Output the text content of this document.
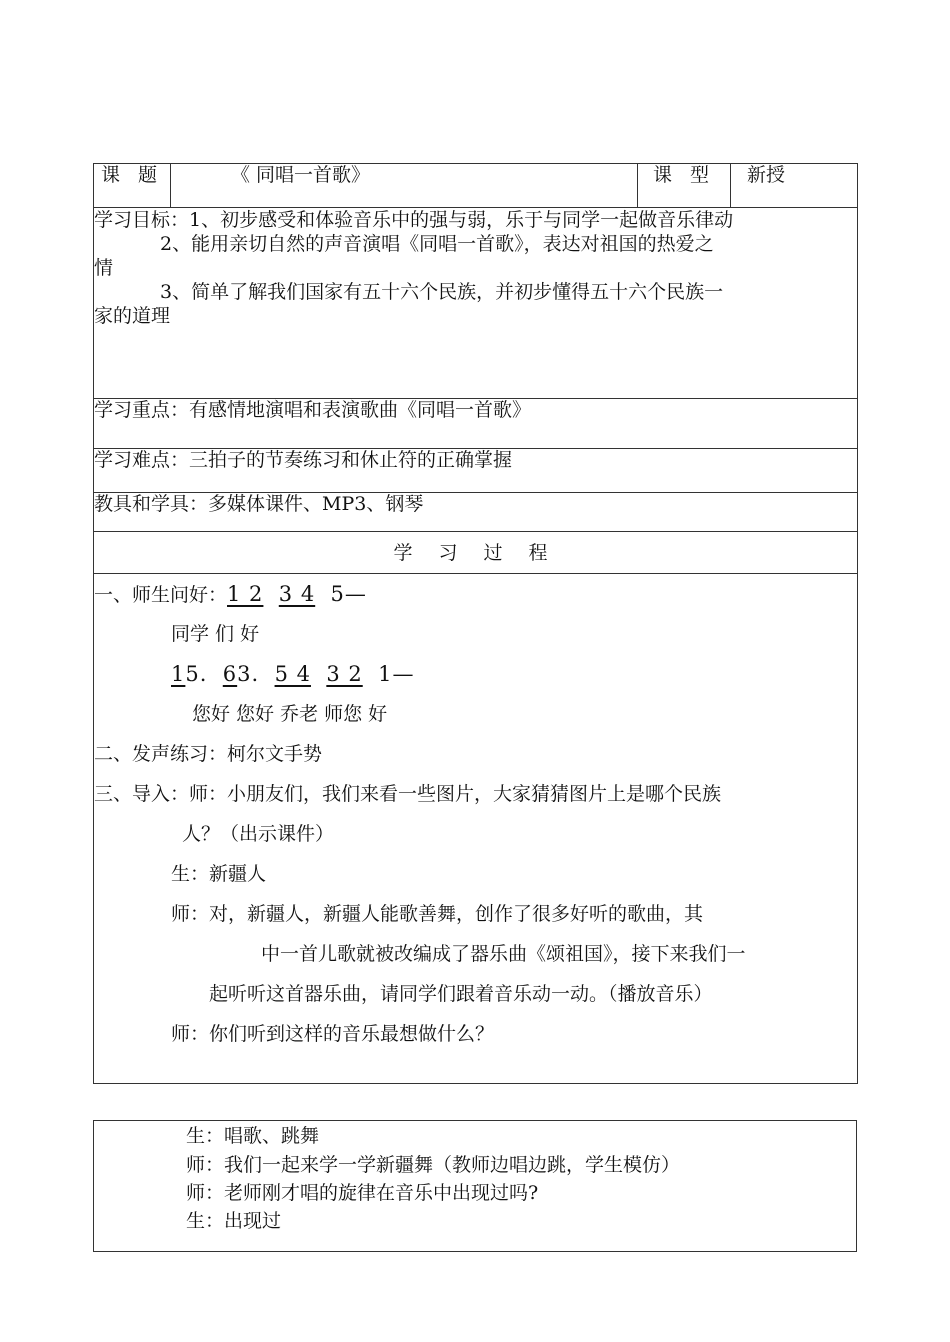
课 题	《 同唱一首歌》	课 型	新授

学习目标：1、初步感受和体验音乐中的强与弱，乐于与同学一起做音乐律动

2、能用亲切自然的声音演唱《同唱一首歌》，表达对祖国的热爱之

情

3、简单了解我们国家有五十六个民族，并初步懂得五十六个民族一

家的道理

学习重点：有感情地演唱和表演歌曲《同唱一首歌》
学习难点：三拍子的节奏练习和休止符的正确掌握
教具和学具：多媒体课件、MP3、钢琴
学 习 过 程

一、师生问好：1 2 3 4 5—
同学 们 好
15. 63. 5 4 3 2 1—
您好 您好 乔老 师您 好
二、发声练习：柯尔文手势
三、导入：师：小朋友们，我们来看一些图片，大家猜猜图片上是哪个民族
人？（出示课件）
生：新疆人
师：对，新疆人，新疆人能歌善舞，创作了很多好听的歌曲，其
中一首儿歌就被改编成了器乐曲《颂祖国》，接下来我们一
起听听这首器乐曲，请同学们跟着音乐动一动。（播放音乐）
师：你们听到这样的音乐最想做什么？
生：唱歌、跳舞
师：我们一起来学一学新疆舞（教师边唱边跳，学生模仿）
师：老师刚才唱的旋律在音乐中出现过吗?
生：出现过
